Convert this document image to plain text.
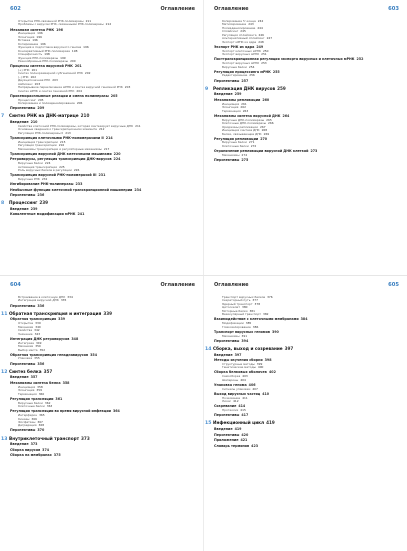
602	Оглавление
Открытие РНК-связанной РНК-полимеразы 211
Проблемы с вирусом РНК, связанными РНК-полимеразы 212
Механизм синтеза РНК 196
Инициация 196
Элонгация 196
Вставка 196
Копирование 196
Функция и подготовка вирусного генома 196
Консервативный РНК-полимераза 198
Специфичность 198
Функция РНК-полимеразы 199
Разнообразные РНК-полимеразы 200
Процессы синтеза вирусной РНК 201
(+) РНК 201
Синтез полноразмерной субгеномной РНК 202
(–) РНК 202
Двухцепочечная РНК 203
Амбисенс 203
Непрерывное переключение мРНК и синтез вирусной геномной РНК 203
Синтез мРНК и синтез геномной РНК 204
Прокеморасплывные реакции и смена полимеразы 205
Процессинг 205
Кэпирование и полиаденилирование 206
Перспективы 209
7	Синтез РНК на ДНК-матрице 210
Введение 210
Свойства клеточной РНК-полимеразы, которая синтезирует вирусные ДНК 211
Основные сведения о транскрипционном элементе 212
Регуляция РНК-полимеразы II 213
Транскрипция клеточными РНК-полимеразами II 214
Инициация транскрипции 215
Регуляция транскрипции 216
Механизмы транскрипции и регуляторные механизмы 217
Транскрипция вирусной ДНК клеточными машинами 220
Ретровирусы, регуляция транскрипции ДНК-вирусов 224
Вирусные белки 224
Активация транскрипции 225
Роль вирусных белков в регуляции 226
Транскрипция вирусной РНК-полимеразой III 231
Вирусные РНК 232
Ингибирование РНК-полимеразы 233
Необычные функции клеточной транскрипционной машинерии 234
Перспективы 236
8	Процессинг 239
Введение 239
Ковалентные модификации мРНК 241
603
Оглавление
Кэпирование 5'-конца 242
Метилирование 243
Полиаденилирование 244
Сплайсинг 245
Регуляция сплайсинга 246
Альтернативный сплайсинг 247
Экспорт мРНК из ядра 248
Экспорт РНК из ядра 249
Экспорт клеточных мРНК 250
Экспорт вирусных мРНК 251
Посттранскрипционная регуляция экспорта вирусных и клеточных мРНК 252
Экспорт вирусных мРНК 253
Вирусные белки 254
Регуляция процессинга мРНК 255
Редактирование 256
Перспективы 257
9	Репликация ДНК вирусов 259
Введение 259
Механизмы репликации 260
Инициация 261
Элонгация 262
Терминация 263
Механизмы синтеза вирусной ДНК 264
Вирусные ДНК-полимеразы 265
Клеточные ДНК-полимеразы 266
Ориджины репликации 267
Инициация синтеза ДНК 268
Белки, связывающие ДНК 269
Регуляция репликации 270
Вирусные белки 271
Клеточные белки 272
Ограничение репликации вирусной ДНК клеткой 273
Механизмы 274
Перспективы 275
604	Оглавление
Встраивание в клеточную ДНК 334
Интеграция вирусной ДНК 335
Перспективы 336
11 Обратная транскрипция и интеграция 339
Обратная транскрипция 339
Открытие 339
Механизм 340
Свойства 342
Значение 343
Интеграция ДНК ретровирусов 348
Интеграза 349
Механизм 350
Выбор места 352
Обратная транскрипция гепаднавирусов 354
Упаковка 355
Перспективы 356
12 Синтез белка 357
Введение 357
Механизмы синтеза белка 358
Инициация 358
Элонгация 359
Терминация 360
Регуляция трансляции 361
Вирусные белки 362
Клеточные белки 363
Регуляция трансляции во время вирусной инфекции 364
Интерферон 365
Киназы 366
Фосфатазы 367
Деградация 368
Перспективы 370
13 Внутриклеточный транспорт 373
Введение 373
Сборка вирусов 374
Сборка на мембранах 375
605
Оглавление
Транспорт вирусных белков 376
Секреторный путь 377
Ядерный транспорт 378
Цитоскелет 380
Моторные белки 381
Везикулярный транспорт 382
Взаимодействие с клеточными мембранами 384
Модификации 385
Гликозилирование 386
Транспорт вирусных геномов 390
Механизмы 391
Перспективы 394
14 Сборка, выход и созревание 397
Введение 397
Методы изучения сборки 398
Структурные методы 399
Генетические методы 400
Сборка белковых оболочек 402
Самосборка 403
Шапероны 404
Упаковка генома 406
Сигналы упаковки 407
Выход вирусных частиц 410
Почкование 411
Лизис 412
Созревание 414
Протеолиз 415
Перспективы 417
15 Инфекционный цикл 419
Введение 419
Перспективы 420
Приложение 421
Словарь терминов 423
